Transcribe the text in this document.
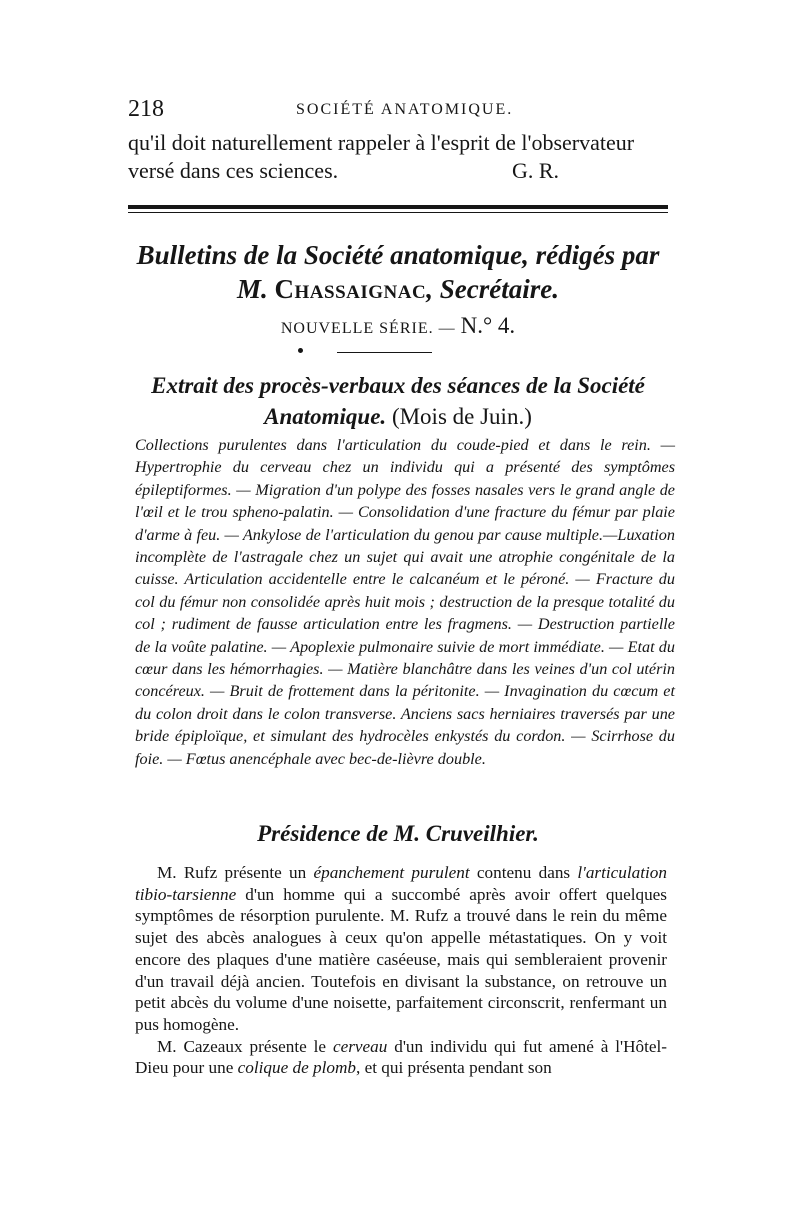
218	SOCIÉTÉ ANATOMIQUE.
qu'il doit naturellement rappeler à l'esprit de l'observateur
versé dans ces sciences.	G. R.
Bulletins de la Société anatomique, rédigés par
M. Chassaignac, Secrétaire.
NOUVELLE SÉRIE. — N.° 4.
Extrait des procès-verbaux des séances de la Société
Anatomique. (Mois de Juin.)

Collections purulentes dans l'articulation du coude-pied et dans le rein. — Hypertrophie du cerveau chez un individu qui a présenté des symptômes épileptiformes. — Migration d'un polype des fosses nasales vers le grand angle de l'œil et le trou spheno-palatin. — Consolidation d'une fracture du fémur par plaie d'arme à feu. — Ankylose de l'articulation du genou par cause multiple.—Luxation incomplète de l'astragale chez un sujet qui avait une atrophie congénitale de la cuisse. Articulation accidentelle entre le calcanéum et le péroné. — Fracture du col du fémur non consolidée après huit mois ; destruction de la presque totalité du col ; rudiment de fausse articulation entre les fragmens. — Destruction partielle de la voûte palatine. — Apoplexie pulmonaire suivie de mort immédiate. — Etat du cœur dans les hémorrhagies. — Matière blanchâtre dans les veines d'un col utérin concéreux. — Bruit de frottement dans la péritonite. — Invagination du cœcum et du colon droit dans le colon transverse. Anciens sacs herniaires traversés par une bride épiploïque, et simulant des hydrocèles enkystés du cordon. — Scirrhose du foie. — Fœtus anencéphale avec bec-de-lièvre double.

Présidence de M. Cruveilhier.

M. Rufz présente un épanchement purulent contenu dans l'articulation tibio-tarsienne d'un homme qui a succombé après avoir offert quelques symptômes de résorption purulente. M. Rufz a trouvé dans le rein du même sujet des abcès analogues à ceux qu'on appelle métastatiques. On y voit encore des plaques d'une matière caséeuse, mais qui sembleraient provenir d'un travail déjà ancien. Toutefois en divisant la substance, on retrouve un petit abcès du volume d'une noisette, parfaitement circonscrit, renfermant un pus homogène.

M. Cazeaux présente le cerveau d'un individu qui fut amené à l'Hôtel-Dieu pour une colique de plomb, et qui présenta pendant son
